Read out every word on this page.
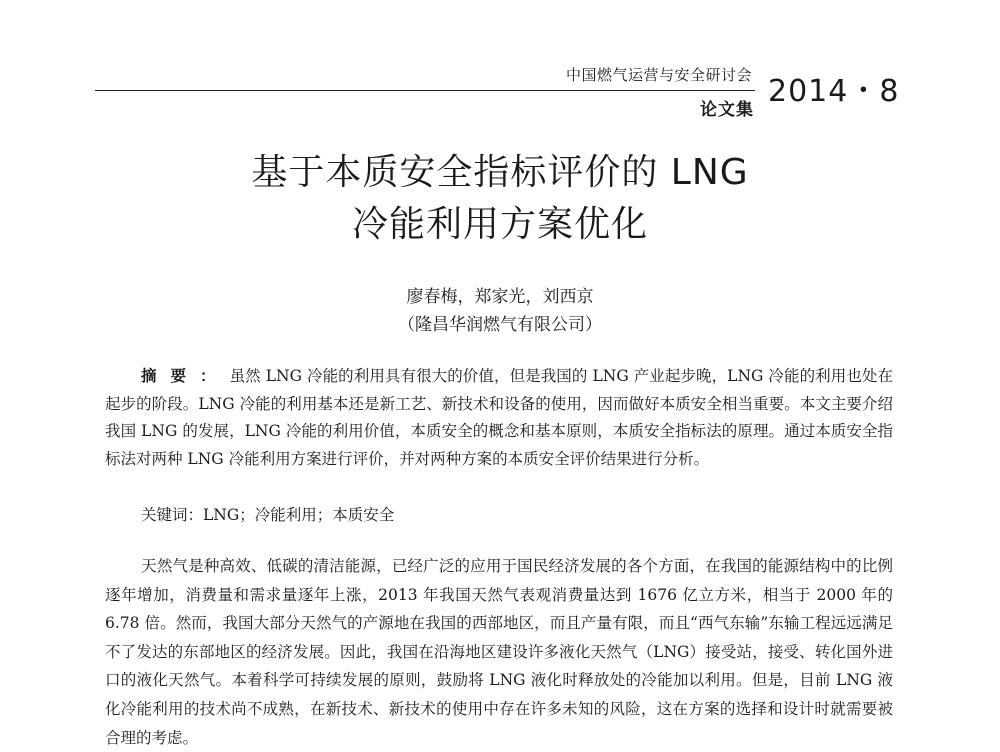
中国燃气运营与安全研讨会 2014・8
论文集
基于本质安全指标评价的 LNG
冷能利用方案优化
廖春梅，郑家光，刘西京
（隆昌华润燃气有限公司）
摘要：虽然 LNG 冷能的利用具有很大的价值，但是我国的 LNG 产业起步晚，LNG 冷能的利用也处在起步的阶段。LNG 冷能的利用基本还是新工艺、新技术和设备的使用，因而做好本质安全相当重要。本文主要介绍我国 LNG 的发展，LNG 冷能的利用价值，本质安全的概念和基本原则，本质安全指标法的原理。通过本质安全指标法对两种 LNG 冷能利用方案进行评价，并对两种方案的本质安全评价结果进行分析。
关键词：LNG；冷能利用；本质安全
天然气是种高效、低碳的清洁能源，已经广泛的应用于国民经济发展的各个方面，在我国的能源结构中的比例逐年增加，消费量和需求量逐年上涨，2013 年我国天然气表观消费量达到 1676 亿立方米，相当于 2000 年的 6.78 倍。然而，我国大部分天然气的产源地在我国的西部地区，而且产量有限，而且“西气东输”东输工程远远满足不了发达的东部地区的经济发展。因此，我国在沿海地区建设许多液化天然气（LNG）接受站，接受、转化国外进口的液化天然气。本着科学可持续发展的原则，鼓励将 LNG 液化时释放处的冷能加以利用。但是，目前 LNG 液化冷能利用的技术尚不成熟，在新技术、新技术的使用中存在许多未知的风险，这在方案的选择和设计时就需要被合理的考虑。
